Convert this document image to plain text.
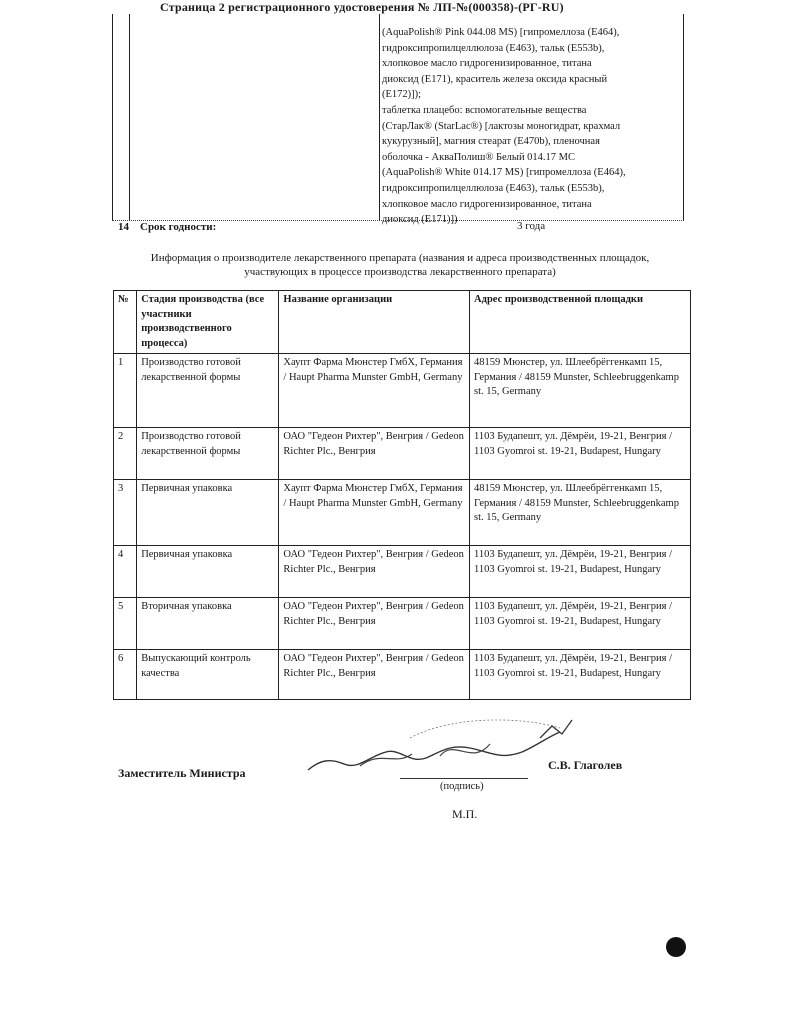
Страница 2 регистрационного удостоверения № ЛП-№(000358)-(РГ-RU)
(AquaPolish® Pink 044.08 MS) [гипромеллоза (E464),
гидроксипропилцеллюлоза (E463), тальк (E553b),
хлопковое масло гидрогенизированное, титана
диоксид (E171), краситель железа оксида красный
(E172)]);
таблетка плацебо: вспомогательные вещества
(СтарЛак® (StarLac®) [лактозы моногидрат, крахмал
кукурузный], магния стеарат (E470b), пленочная
оболочка - АкваПолиш® Белый 014.17 MC
(AquaPolish® White 014.17 MS) [гипромеллоза (E464),
гидроксипропилцеллюлоза (E463), тальк (E553b),
хлопковое масло гидрогенизированное, титана
диоксид (E171)])
14 Срок годности:	3 года
Информация о производителе лекарственного препарата (названия и адреса производственных площадок,
участвующих в процессе производства лекарственного препарата)
№	Стадия производства (все участники производственного процесса)	Название организации	Адрес производственной площадки
1	Производство готовой лекарственной формы	Хаупт Фарма Мюнстер ГмбХ, Германия / Haupt Pharma Munster GmbH, Germany	48159 Мюнстер, ул. Шлеебрёггенкамп 15, Германия / 48159 Munster, Schleebruggenkamp st. 15, Germany
2	Производство готовой лекарственной формы	ОАО "Гедеон Рихтер", Венгрия / Gedeon Richter Plc., Венгрия	1103 Будапешт, ул. Дёмрёи, 19-21, Венгрия / 1103 Gyomroi st. 19-21, Budapest, Hungary
3	Первичная упаковка	Хаупт Фарма Мюнстер ГмбХ, Германия / Haupt Pharma Munster GmbH, Germany	48159 Мюнстер, ул. Шлеебрёггенкамп 15, Германия / 48159 Munster, Schleebruggenkamp st. 15, Germany
4	Первичная упаковка	ОАО "Гедеон Рихтер", Венгрия / Gedeon Richter Plc., Венгрия	1103 Будапешт, ул. Дёмрёи, 19-21, Венгрия / 1103 Gyomroi st. 19-21, Budapest, Hungary
5	Вторичная упаковка	ОАО "Гедеон Рихтер", Венгрия / Gedeon Richter Plc., Венгрия	1103 Будапешт, ул. Дёмрёи, 19-21, Венгрия / 1103 Gyomroi st. 19-21, Budapest, Hungary
6	Выпускающий контроль качества	ОАО "Гедеон Рихтер", Венгрия / Gedeon Richter Plc., Венгрия	1103 Будапешт, ул. Дёмрёи, 19-21, Венгрия / 1103 Gyomroi st. 19-21, Budapest, Hungary
Заместитель Министра
(подпись)
С.В. Глаголев
М.П.
